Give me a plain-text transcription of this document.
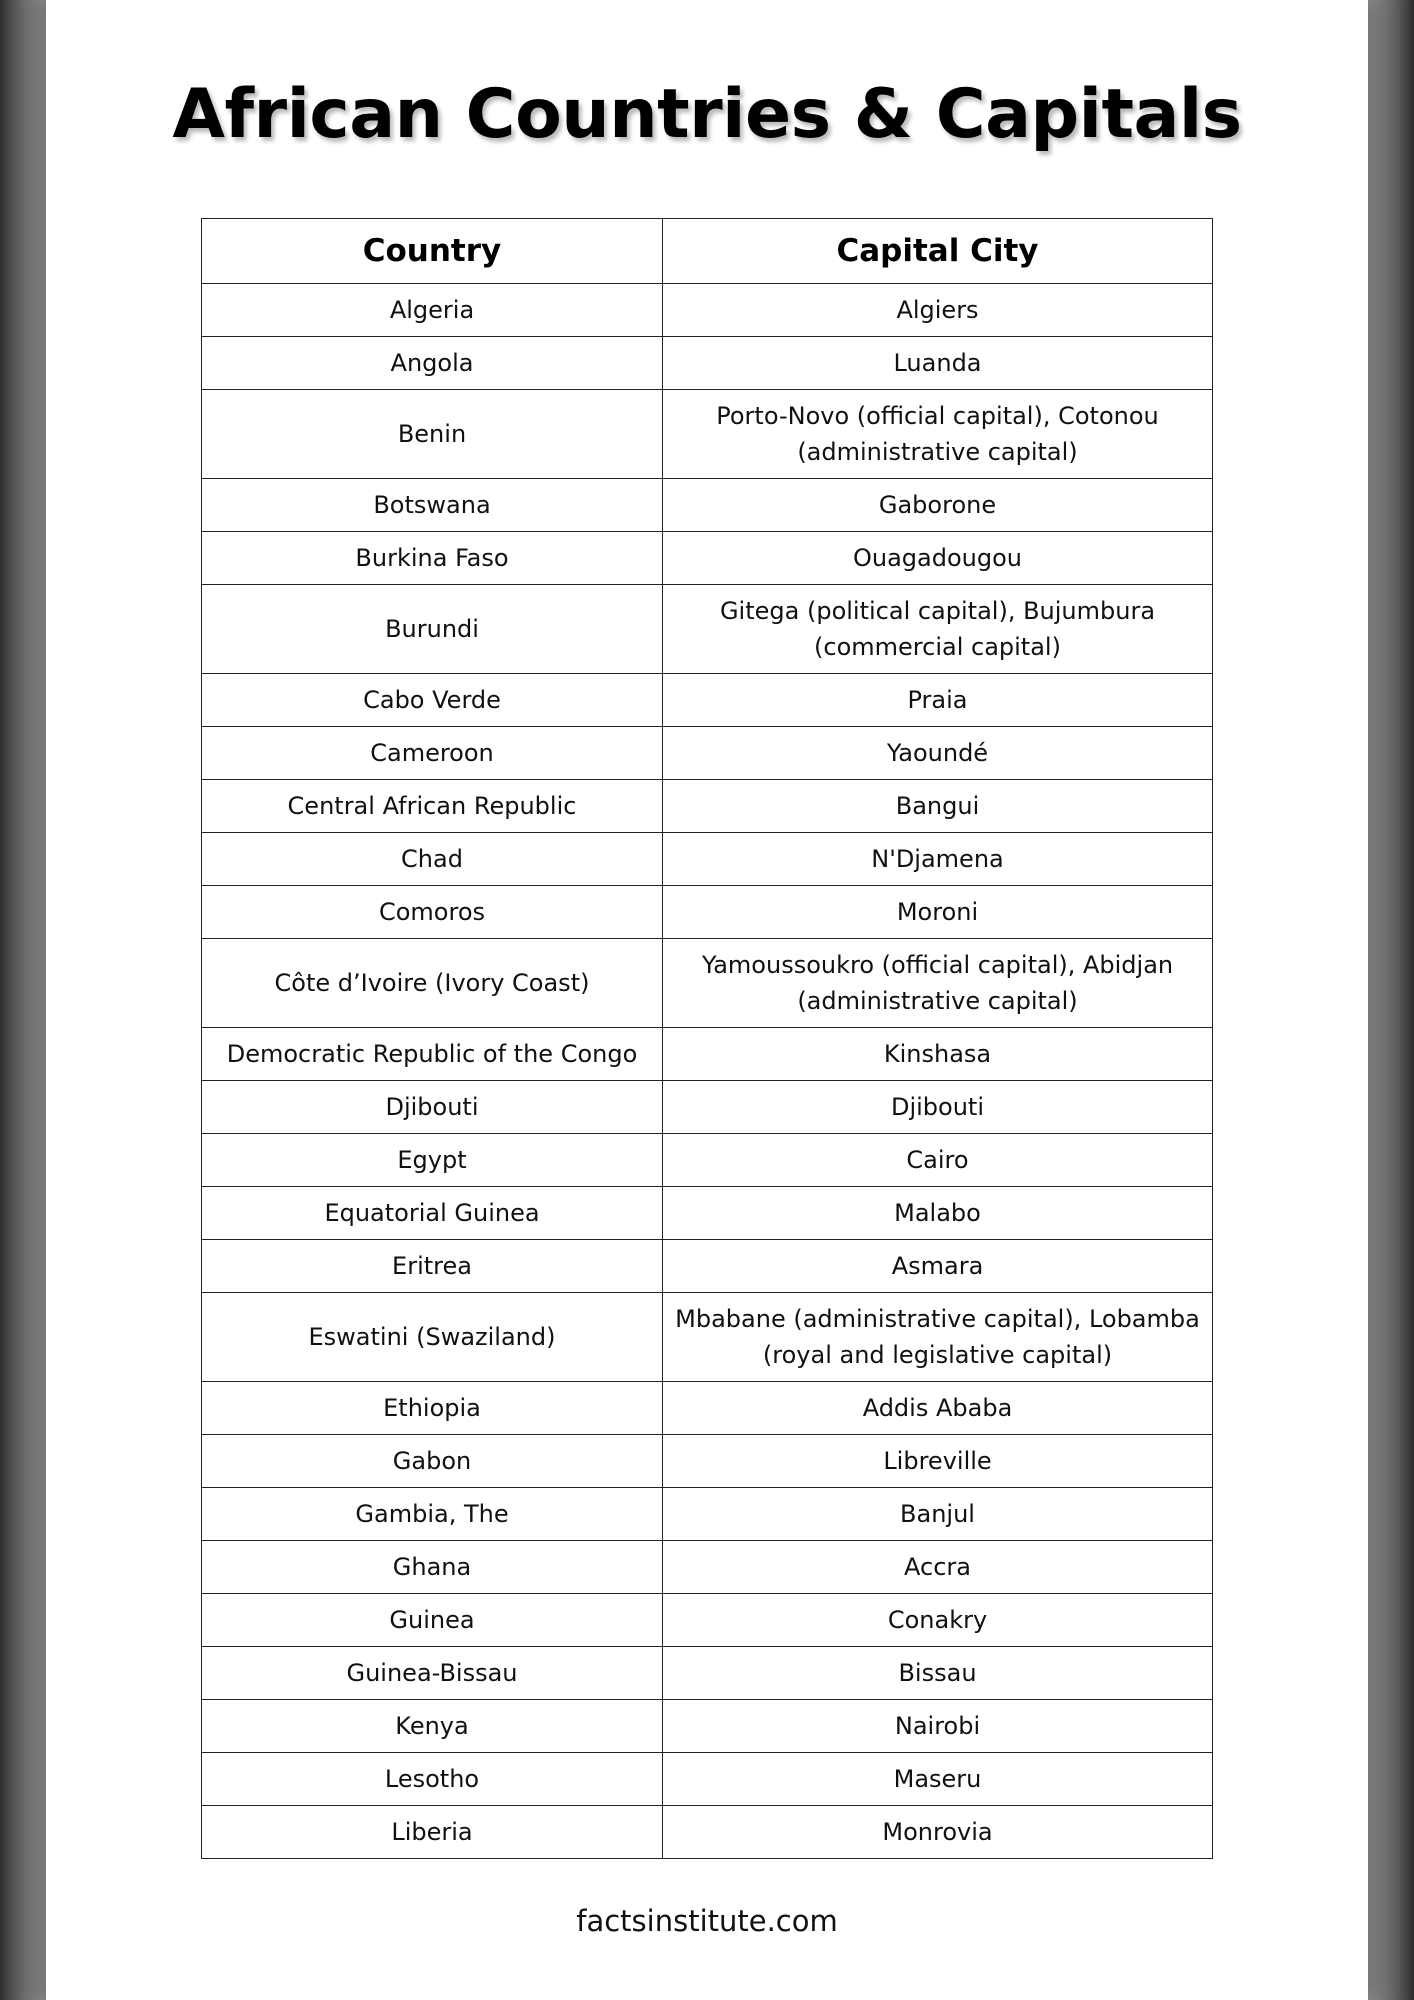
African Countries & Capitals
Country	Capital City
Algeria	Algiers
Angola	Luanda
Benin	Porto-Novo (official capital), Cotonou (administrative capital)

Botswana	Gaborone
Burkina Faso	Ouagadougou
Burundi	Gitega (political capital), Bujumbura (commercial capital)

Cabo Verde	Praia
Cameroon	Yaoundé
Central African Republic	Bangui
Chad	N'Djamena
Comoros	Moroni
Côte d’Ivoire (Ivory Coast)	Yamoussoukro (official capital), Abidjan (administrative capital)

Democratic Republic of the Congo	Kinshasa
Djibouti	Djibouti
Egypt	Cairo
Equatorial Guinea	Malabo
Eritrea	Asmara
Eswatini (Swaziland)	Mbabane (administrative capital), Lobamba (royal and legislative capital)

Ethiopia	Addis Ababa
Gabon	Libreville
Gambia, The	Banjul
Ghana	Accra
Guinea	Conakry
Guinea-Bissau	Bissau
Kenya	Nairobi
Lesotho	Maseru
Liberia	Monrovia
factsinstitute.com
